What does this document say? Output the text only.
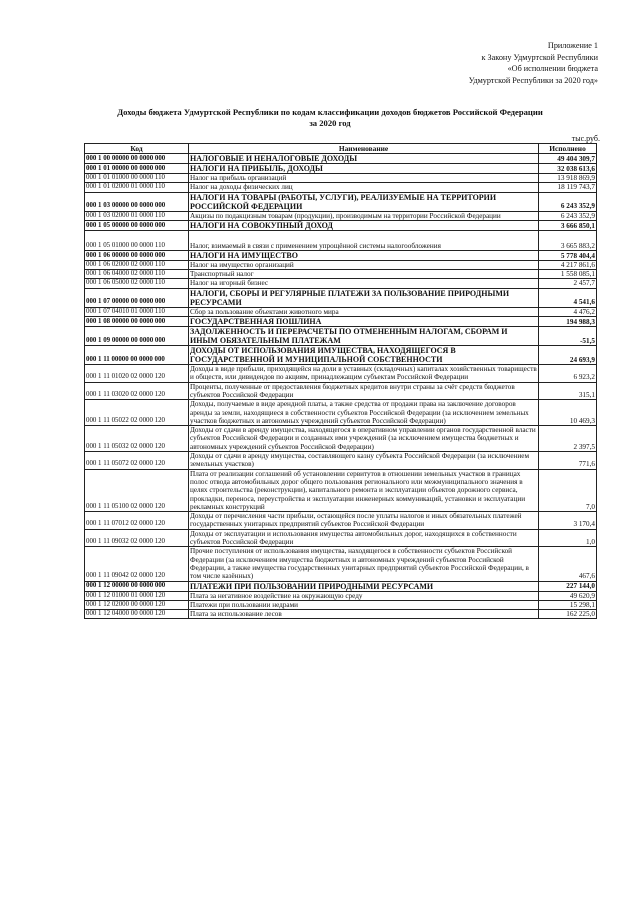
Приложение 1
к Закону Удмуртской Республики
«Об исполнении бюджета
Удмуртской Республики за 2020 год»
Доходы бюджета Удмуртской Республики по кодам классификации доходов бюджетов Российской Федерации
за 2020 год
тыс.руб.
Код	Наименование	Исполнено
000 1 00 00000 00 0000 000	НАЛОГОВЫЕ И НЕНАЛОГОВЫЕ ДОХОДЫ	49 404 309,7
000 1 01 00000 00 0000 000	НАЛОГИ НА ПРИБЫЛЬ, ДОХОДЫ	32 038 613,6
000 1 01 01000 00 0000 110	Налог на прибыль организаций	13 918 869,9
000 1 01 02000 01 0000 110	Налог на доходы физических лиц	18 119 743,7
000 1 03 00000 00 0000 000	НАЛОГИ НА ТОВАРЫ (РАБОТЫ, УСЛУГИ), РЕАЛИЗУЕМЫЕ НА ТЕРРИТОРИИ РОССИЙСКОЙ ФЕДЕРАЦИИ	6 243 352,9
000 1 03 02000 01 0000 110	Акцизы по подакцизным товарам (продукции), производимым на территории Российской Федерации	6 243 352,9
000 1 05 00000 00 0000 000	НАЛОГИ НА СОВОКУПНЫЙ ДОХОД	3 666 850,1
000 1 05 01000 00 0000 110	Налог, взимаемый в связи с применением упрощённой системы налогообложения	3 665 883,2
000 1 06 00000 00 0000 000	НАЛОГИ НА ИМУЩЕСТВО	5 778 404,4
000 1 06 02000 02 0000 110	Налог на имущество организаций	4 217 861,6
000 1 06 04000 02 0000 110	Транспортный налог	1 558 085,1
000 1 06 05000 02 0000 110	Налог на игорный бизнес	2 457,7
000 1 07 00000 00 0000 000	НАЛОГИ, СБОРЫ И РЕГУЛЯРНЫЕ ПЛАТЕЖИ ЗА ПОЛЬЗОВАНИЕ ПРИРОДНЫМИ РЕСУРСАМИ	4 541,6
000 1 07 04010 01 0000 110	Сбор за пользование объектами животного мира	4 476,2
000 1 08 00000 00 0000 000	ГОСУДАРСТВЕННАЯ ПОШЛИНА	194 988,3
000 1 09 00000 00 0000 000	ЗАДОЛЖЕННОСТЬ И ПЕРЕРАСЧЕТЫ ПО ОТМЕНЕННЫМ НАЛОГАМ, СБОРАМ И ИНЫМ ОБЯЗАТЕЛЬНЫМ ПЛАТЕЖАМ	-51,5
000 1 11 00000 00 0000 000	ДОХОДЫ ОТ ИСПОЛЬЗОВАНИЯ ИМУЩЕСТВА, НАХОДЯЩЕГОСЯ В ГОСУДАРСТВЕННОЙ И МУНИЦИПАЛЬНОЙ СОБСТВЕННОСТИ	24 693,9
000 1 11 01020 02 0000 120	Доходы в виде прибыли, приходящейся на доли в уставных (складочных) капиталах хозяйственных товариществ и обществ, или дивидендов по акциям, принадлежащим субъектам Российской Федерации	6 923,2
000 1 11 03020 02 0000 120	Проценты, полученные от предоставления бюджетных кредитов внутри страны за счёт средств бюджетов субъектов Российской Федерации	315,1
000 1 11 05022 02 0000 120	Доходы, получаемые в виде арендной платы, а также средства от продажи права на заключение договоров аренды за земли, находящиеся в собственности субъектов Российской Федерации (за исключением земельных участков бюджетных и автономных учреждений субъектов Российской Федерации)	10 469,3
000 1 11 05032 02 0000 120	Доходы от сдачи в аренду имущества, находящегося в оперативном управлении органов государственной власти субъектов Российской Федерации и созданных ими учреждений (за исключением имущества бюджетных и автономных учреждений субъектов Российской Федерации)	2 397,5
000 1 11 05072 02 0000 120	Доходы от сдачи в аренду имущества, составляющего казну субъекта Российской Федерации (за исключением земельных участков)	771,6
000 1 11 05100 02 0000 120	Плата от реализации соглашений об установлении сервитутов в отношении земельных участков в границах полос отвода автомобильных дорог общего пользования регионального или межмуниципального значения в целях строительства (реконструкции), капитального ремонта и эксплуатации объектов дорожного сервиса, прокладки, переноса, переустройства и эксплуатации инженерных коммуникаций, установки и эксплуатации рекламных конструкций	7,0
000 1 11 07012 02 0000 120	Доходы от перечисления части прибыли, остающейся после уплаты налогов и иных обязательных платежей государственных унитарных предприятий субъектов Российской Федерации	3 170,4
000 1 11 09032 02 0000 120	Доходы от эксплуатации и использования имущества автомобильных дорог, находящихся в собственности субъектов Российской Федерации	1,0
000 1 11 09042 02 0000 120	Прочие поступления от использования имущества, находящегося в собственности субъектов Российской Федерации (за исключением имущества бюджетных и автономных учреждений субъектов Российской Федерации, а также имущества государственных унитарных предприятий субъектов Российской Федерации, в том числе казённых)	467,6
000 1 12 00000 00 0000 000	ПЛАТЕЖИ ПРИ ПОЛЬЗОВАНИИ ПРИРОДНЫМИ РЕСУРСАМИ	227 144,0
000 1 12 01000 01 0000 120	Плата за негативное воздействие на окружающую среду	49 620,9
000 1 12 02000 00 0000 120	Платежи при пользовании недрами	15 298,1
000 1 12 04000 00 0000 120	Плата за использование лесов	162 225,0
